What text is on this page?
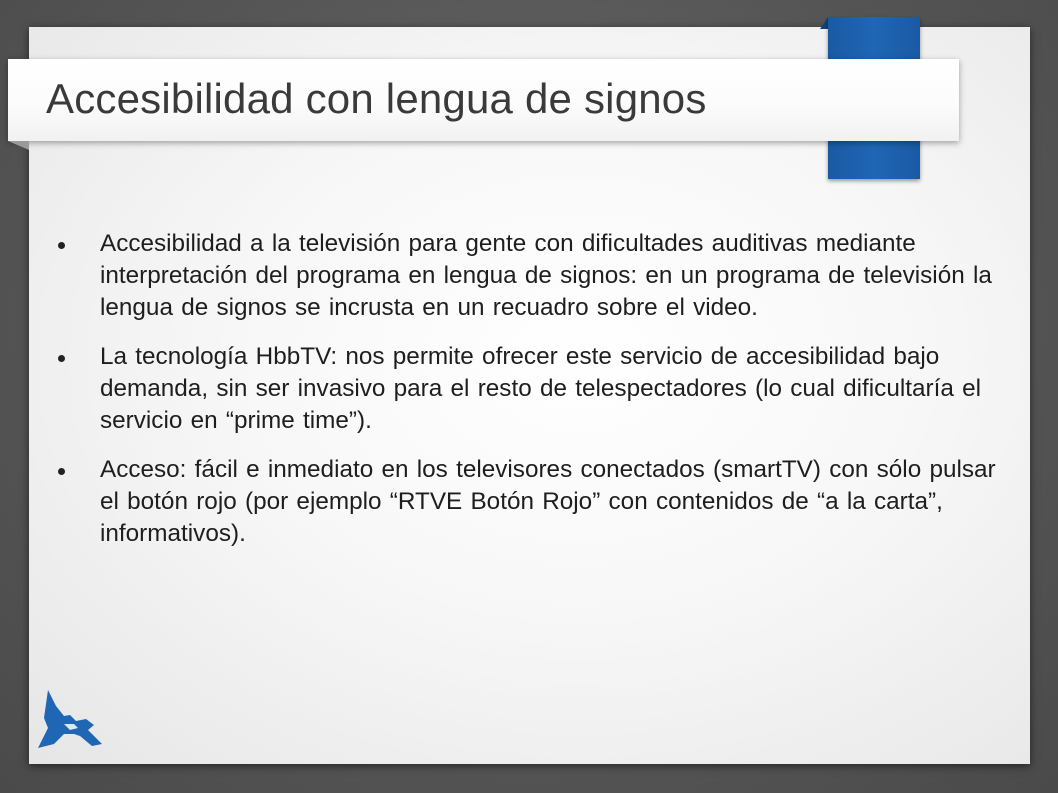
Accesibilidad con lengua de signos
Accesibilidad a la televisión para gente con dificultades auditivas mediante interpretación del programa en lengua de signos: en un programa de televisión la lengua de signos se incrusta en un recuadro sobre el video.
La tecnología HbbTV: nos permite ofrecer este servicio de accesibilidad bajo demanda, sin ser invasivo para el resto de telespectadores (lo cual dificultaría el servicio en “prime time”).
Acceso: fácil e inmediato en los televisores conectados (smartTV) con sólo pulsar el botón rojo (por ejemplo “RTVE Botón Rojo” con contenidos de “a la carta”, informativos).
